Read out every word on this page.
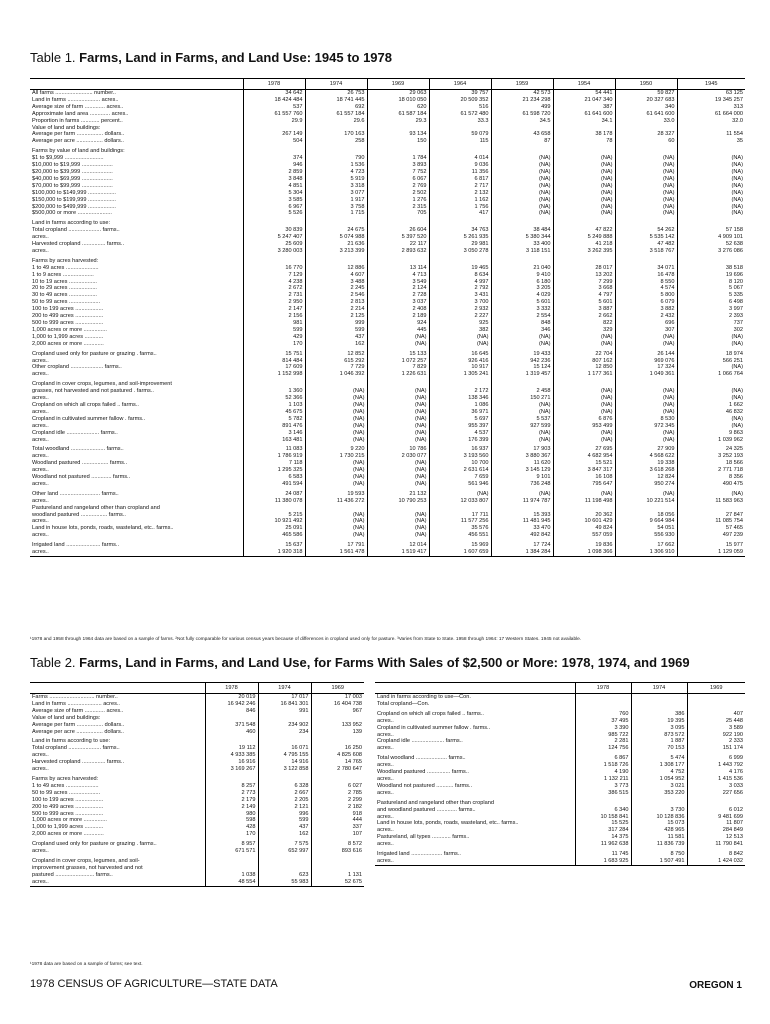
Table 1. Farms, Land in Farms, and Land Use: 1945 to 1978
	1978	1974	1969	1964	1959	1954	1950	1945
All farms ........................ number..	34 642	26 753	29 063	39 757	42 573	54 441	59 827	63 125
Land in farms ..................... acres..	18 424 484	18 741 445	18 010 050	20 509 352	21 234 298	21 047 340	20 327 683	19 345 257
Average size of farm ............. acres..	537	692	620	516	499	387	340	313
Approximate land area ............. acres..	61 557 760	61 557 184	61 587 184	61 572 480	61 598 720	61 641 600	61 641 600	61 664 000
Proportion in farms ............ percent..	29.9	29.6	29.3	33.3	34.5	34.1	33.0	32.0
Value of land and buildings:								
Average per farm ................. dollars..	267 149	170 163	93 134	59 079	43 658	38 178	28 327	11 554
Average per acre ................. dollars..	504	258	150	115	87	78	60	35

Farms by value of land and buildings:								
$1 to $9,999 .........................	374	790	1 784	4 014	(NA)	(NA)	(NA)	(NA)
$10,000 to $19,999 ....................	946	1 536	3 893	9 036	(NA)	(NA)	(NA)	(NA)
$20,000 to $39,999 ....................	2 859	4 723	7 752	11 356	(NA)	(NA)	(NA)	(NA)
$40,000 to $69,999 ....................	3 848	5 919	6 067	6 817	(NA)	(NA)	(NA)	(NA)
$70,000 to $99,999 ....................	4 851	3 318	2 769	2 717	(NA)	(NA)	(NA)	(NA)
$100,000 to $149,999 ..................	5 304	3 077	2 502	2 132	(NA)	(NA)	(NA)	(NA)
$150,000 to $199,999 ..................	3 585	1 917	1 276	1 162	(NA)	(NA)	(NA)	(NA)
$200,000 to $499,999 ..................	6 967	3 758	2 315	1 756	(NA)	(NA)	(NA)	(NA)
$500,000 or more ......................	5 526	1 715	705	417	(NA)	(NA)	(NA)	(NA)

Land in farms according to use:								
Total cropland ..................... farms..	30 839	24 675	26 604	34 763	38 484	47 822	54 262	57 158
acres..	5 247 407	5 074 988	5 397 520	5 261 935	5 380 344	5 249 888	5 535 142	4 909 101
Harvested cropland ............... farms..	25 609	21 636	22 117	29 981	33 400	41 218	47 482	52 638
acres..	3 280 003	3 213 399	2 893 632	3 050 278	3 118 151	3 262 395	3 518 767	3 276 086

Farms by acres harvested:								
1 to 49 acres .....................	16 770	12 886	13 114	19 465	21 040	28 017	34 071	38 518
1 to 9 acres ....................	7 129	4 607	4 713	8 634	9 410	13 202	16 478	19 696
10 to 19 acres ..................	4 238	3 488	3 549	4 997	6 180	7 299	8 550	8 120
20 to 29 acres ..................	2 672	2 245	2 124	2 792	3 205	3 668	4 574	5 067
30 to 49 acres ..................	2 731	2 546	2 728	3 431	4 029	4 797	5 800	5 335
50 to 99 acres ....................	2 950	2 813	3 037	3 700	5 601	5 601	6 079	6 498
100 to 199 acres ..................	2 147	2 214	2 408	2 932	3 332	3 887	3 882	3 997
200 to 499 acres ..................	2 156	2 125	2 189	2 227	2 554	2 662	2 432	2 393
500 to 999 acres ..................	981	999	924	925	848	822	696	737
1,000 acres or more ...............	599	599	445	382	346	329	307	302
1,000 to 1,999 acres ............	429	437	(NA)	(NA)	(NA)	(NA)	(NA)	(NA)
2,000 acres or more .............	170	162	(NA)	(NA)	(NA)	(NA)	(NA)	(NA)

Cropland used only for pasture or grazing . farms..	15 751	12 852	15 133	16 645	19 433	22 704	26 144	18 974
acres..	814 484	615 292	1 072 257	926 416	942 236	807 162	969 076	566 251
Other cropland ..................... farms..	17 609	7 729	7 829	10 917	15 124	12 850	17 324	(NA)
acres..	1 152 998	1 046 392	1 226 631	1 305 241	1 319 457	1 177 361	1 049 361	1 066 764

Cropland in cover crops, legumes, and soil-improvement								
grasses, not harvested and not pastured . farms..	1 360	(NA)	(NA)	2 172	2 458	(NA)	(NA)	(NA)
acres..	52 366	(NA)	(NA)	138 346	150 271	(NA)	(NA)	(NA)
Cropland on which all crops failed .. farms..	1 103	(NA)	(NA)	1 086	(NA)	(NA)	(NA)	1 662
acres..	45 675	(NA)	(NA)	36 971	(NA)	(NA)	(NA)	46 832
Cropland in cultivated summer fallow . farms..	5 782	(NA)	(NA)	5 697	5 537	6 876	8 530	(NA)
acres..	891 476	(NA)	(NA)	955 397	927 599	953 499	972 345	(NA)
Cropland idle ..................... farms..	3 146	(NA)	(NA)	4 537	(NA)	(NA)	(NA)	9 863
acres..	163 481	(NA)	(NA)	176 399	(NA)	(NA)	(NA)	1 039 962

Total woodland ...................... farms..	11 083	9 220	10 786	16 937	17 903	27 695	27 909	24 325
acres..	1 786 919	1 730 215	2 030 077	3 193 560	3 880 367	4 682 954	4 568 622	3 252 193
Woodland pastured ................. farms..	7 118	(NA)	(NA)	10 700	11 620	15 521	19 338	18 566
acres..	1 295 325	(NA)	(NA)	2 631 614	3 145 129	3 847 317	3 618 268	2 771 718
Woodland not pastured ............. farms..	6 583	(NA)	(NA)	7 659	9 101	16 108	12 824	8 356
acres..	491 594	(NA)	(NA)	561 946	736 248	795 647	950 274	490 475

Other land .......................... farms..	24 087	19 593	21 132	(NA)	(NA)	(NA)	(NA)	(NA)
acres..	11 380 078	11 436 272	10 790 253	12 033 807	11 974 787	11 198 498	10 221 514	11 583 963
Pastureland and rangeland other than cropland and								
woodland pastured ................. farms..	5 215	(NA)	(NA)	17 711	15 393	20 362	18 056	27 847
acres..	10 921 492	(NA)	(NA)	11 577 256	11 481 945	10 601 429	9 664 984	11 085 754
Land in house lots, ponds, roads, wasteland, etc.. farms..	25 091	(NA)	(NA)	35 576	33 470	49 824	54 051	57 465
acres..	465 586	(NA)	(NA)	456 551	492 842	557 059	556 930	497 239

Irrigated land ...................... farms..	15 637	17 791	12 014	15 969	17 724	19 836	17 662	15 977
acres..	1 920 318	1 561 478	1 519 417	1 607 659	1 384 284	1 098 366	1 306 910	1 129 059
¹1978 and 1958 through 1964 data are based on a sample of farms. ²Not fully comparable for various census years because of differences in cropland used only for pasture. ³Varies from State to State. 1958 through 1964: 17 Western States. 1945 not available.
Table 2. Farms, Land in Farms, and Land Use, for Farms With Sales of $2,500 or More: 1978, 1974, and 1969
	1978	1974	1969
Farms ............................. number..	20 019	17 017	17 003
Land in farms ...................... acres..	16 942 246	16 841 301	16 404 738
Average size of farm ............. acres..	846	991	967
Value of land and buildings:			
Average per farm ................. dollars..	371 548	234 902	133 952
Average per acre ................. dollars..	460	234	139

Land in farms according to use:			
Total cropland ..................... farms..	19 112	16 071	16 250
acres..	4 933 385	4 795 155	4 825 608
Harvested cropland ............... farms..	16 916	14 916	14 765
acres..	3 169 267	3 122 858	2 780 647

Farms by acres harvested:			
1 to 49 acres .....................	8 257	6 328	6 027
50 to 99 acres ....................	2 773	2 667	2 785
100 to 199 acres ..................	2 179	2 205	2 299
200 to 499 acres ..................	2 149	2 121	2 182
500 to 999 acres ..................	980	996	918
1,000 acres or more ...............	598	599	444
1,000 to 1,999 acres ............	428	437	337
2,000 acres or more .............	170	162	107

Cropland used only for pasture or grazing . farms..	8 957	7 575	8 572
acres..	671 571	652 997	893 616

Cropland in cover crops, legumes, and soil-			
improvement grasses, not harvested and not			
pastured ......................... farms..	1 038	623	1 131
acres..	48 554	55 983	52 675
	1978	1974	1969
Land in farms according to use—Con.			
Total cropland—Con.			

Cropland on which all crops failed .. farms..	760	386	407
acres..	37 495	19 395	25 448
Cropland in cultivated summer fallow . farms..	3 390	3 095	3 589
acres..	985 722	873 572	922 190
Cropland idle ..................... farms..	2 281	1 887	2 333
acres..	124 756	70 153	151 174

Total woodland .................... farms..	6 867	5 474	6 999
acres..	1 518 726	1 308 177	1 443 792
Woodland pastured ............... farms..	4 190	4 752	4 176
acres..	1 132 211	1 054 952	1 415 536
Woodland not pastured ........... farms..	3 773	3 021	3 033
acres..	386 515	353 220	227 656

Pastureland and rangeland other than cropland			
and woodland pastured ............. farms..	6 340	3 730	6 012
acres..	10 158 841	10 128 836	9 481 699
Land in house lots, ponds, roads, wasteland, etc.. farms..	15 525	15 073	11 807
acres..	317 284	428 965	284 849
Pastureland, all types ............ farms..	14 375	11 581	12 513
acres..	11 962 638	11 836 739	11 790 841

Irrigated land .................... farms..	11 745	8 750	8 842
acres..	1 683 925	1 507 491	1 424 032
¹1978 data are based on a sample of farms; see text.
1978 CENSUS OF AGRICULTURE—STATE DATA	OREGON 1
